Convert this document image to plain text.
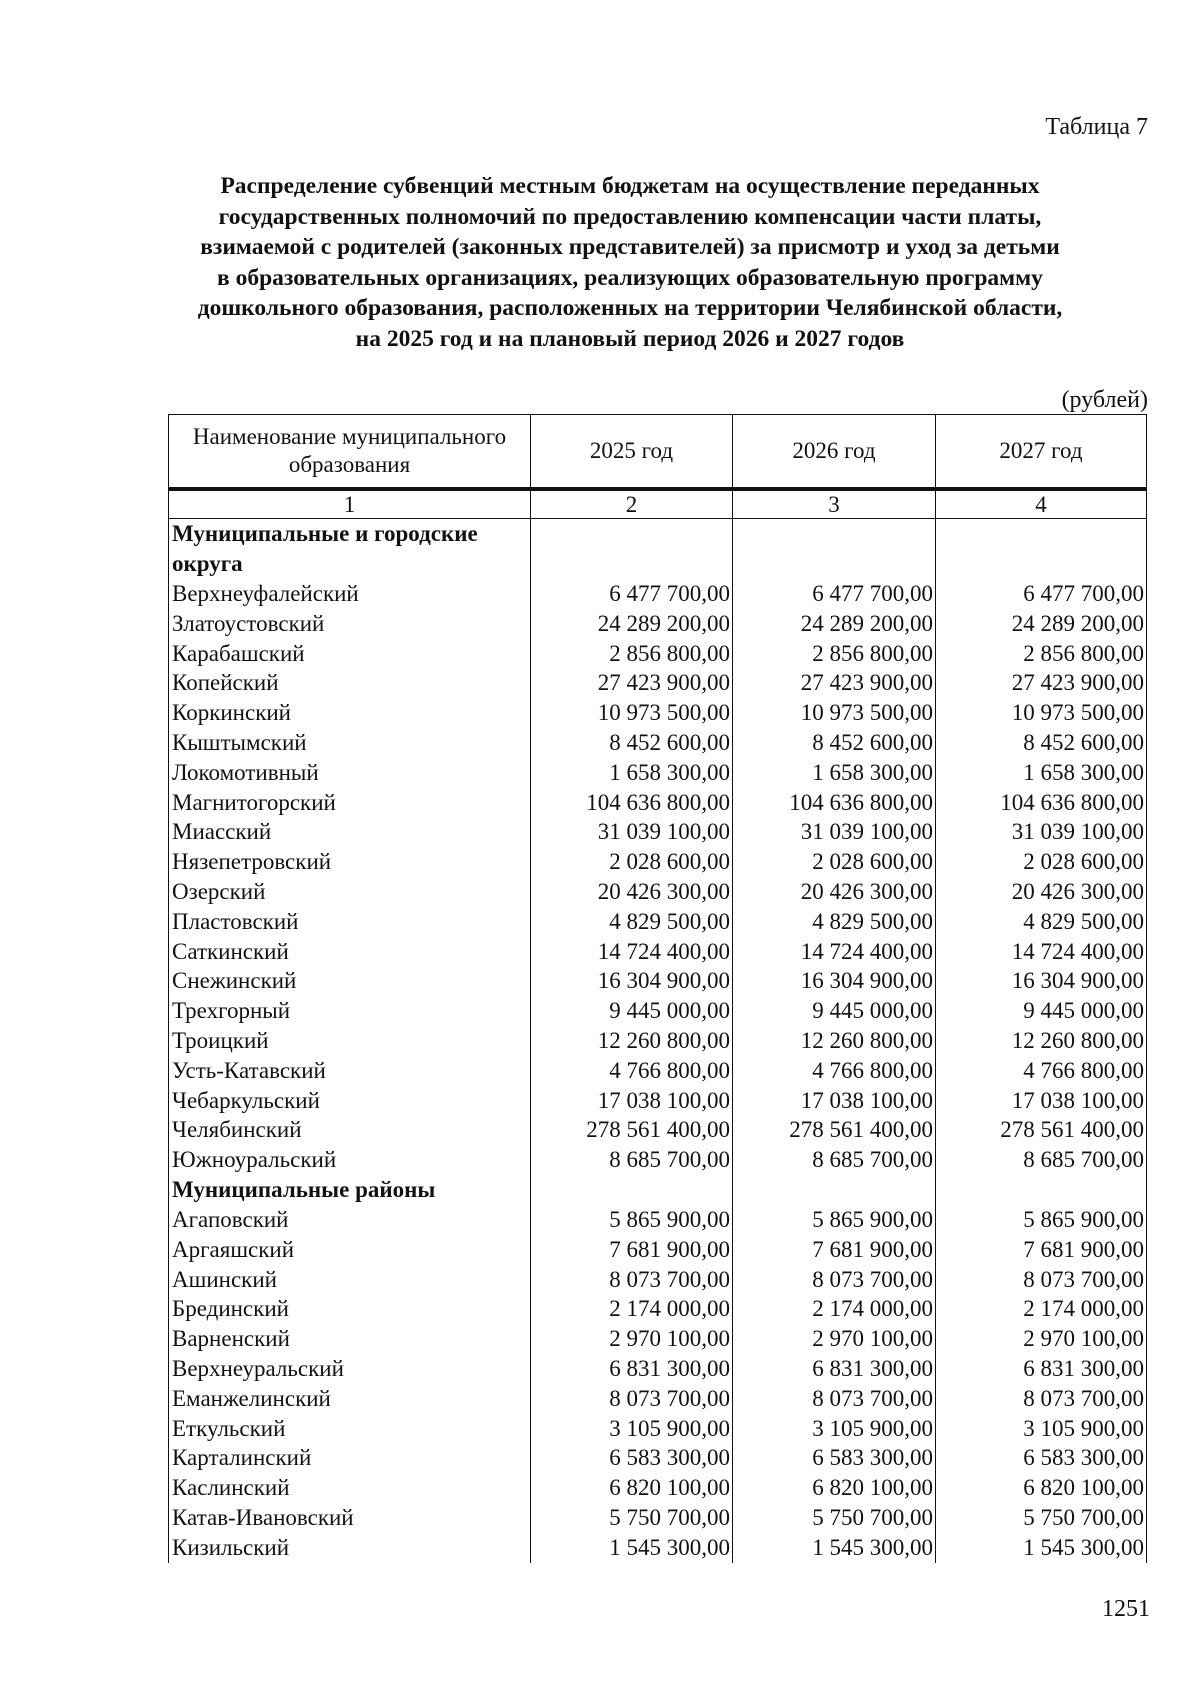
Таблица 7
Распределение субвенций местным бюджетам на осуществление переданных
государственных полномочий по предоставлению компенсации части платы,
взимаемой с родителей (законных представителей) за присмотр и уход за детьми
в образовательных организациях, реализующих образовательную программу
дошкольного образования, расположенных на территории Челябинской области,
на 2025 год и на плановый период 2026 и 2027 годов
(рублей)
Наименование муниципального образования	2025 год	2026 год	2027 год
1	2	3	4
Муниципальные и городские округа			
Верхнеуфалейский	6 477 700,00	6 477 700,00	6 477 700,00
Златоустовский	24 289 200,00	24 289 200,00	24 289 200,00
Карабашский	2 856 800,00	2 856 800,00	2 856 800,00
Копейский	27 423 900,00	27 423 900,00	27 423 900,00
Коркинский	10 973 500,00	10 973 500,00	10 973 500,00
Кыштымский	8 452 600,00	8 452 600,00	8 452 600,00
Локомотивный	1 658 300,00	1 658 300,00	1 658 300,00
Магнитогорский	104 636 800,00	104 636 800,00	104 636 800,00
Миасский	31 039 100,00	31 039 100,00	31 039 100,00
Нязепетровский	2 028 600,00	2 028 600,00	2 028 600,00
Озерский	20 426 300,00	20 426 300,00	20 426 300,00
Пластовский	4 829 500,00	4 829 500,00	4 829 500,00
Саткинский	14 724 400,00	14 724 400,00	14 724 400,00
Снежинский	16 304 900,00	16 304 900,00	16 304 900,00
Трехгорный	9 445 000,00	9 445 000,00	9 445 000,00
Троицкий	12 260 800,00	12 260 800,00	12 260 800,00
Усть-Катавский	4 766 800,00	4 766 800,00	4 766 800,00
Чебаркульский	17 038 100,00	17 038 100,00	17 038 100,00
Челябинский	278 561 400,00	278 561 400,00	278 561 400,00
Южноуральский	8 685 700,00	8 685 700,00	8 685 700,00
Муниципальные районы			
Агаповский	5 865 900,00	5 865 900,00	5 865 900,00
Аргаяшский	7 681 900,00	7 681 900,00	7 681 900,00
Ашинский	8 073 700,00	8 073 700,00	8 073 700,00
Брединский	2 174 000,00	2 174 000,00	2 174 000,00
Варненский	2 970 100,00	2 970 100,00	2 970 100,00
Верхнеуральский	6 831 300,00	6 831 300,00	6 831 300,00
Еманжелинский	8 073 700,00	8 073 700,00	8 073 700,00
Еткульский	3 105 900,00	3 105 900,00	3 105 900,00
Карталинский	6 583 300,00	6 583 300,00	6 583 300,00
Каслинский	6 820 100,00	6 820 100,00	6 820 100,00
Катав-Ивановский	5 750 700,00	5 750 700,00	5 750 700,00
Кизильский	1 545 300,00	1 545 300,00	1 545 300,00
1251
